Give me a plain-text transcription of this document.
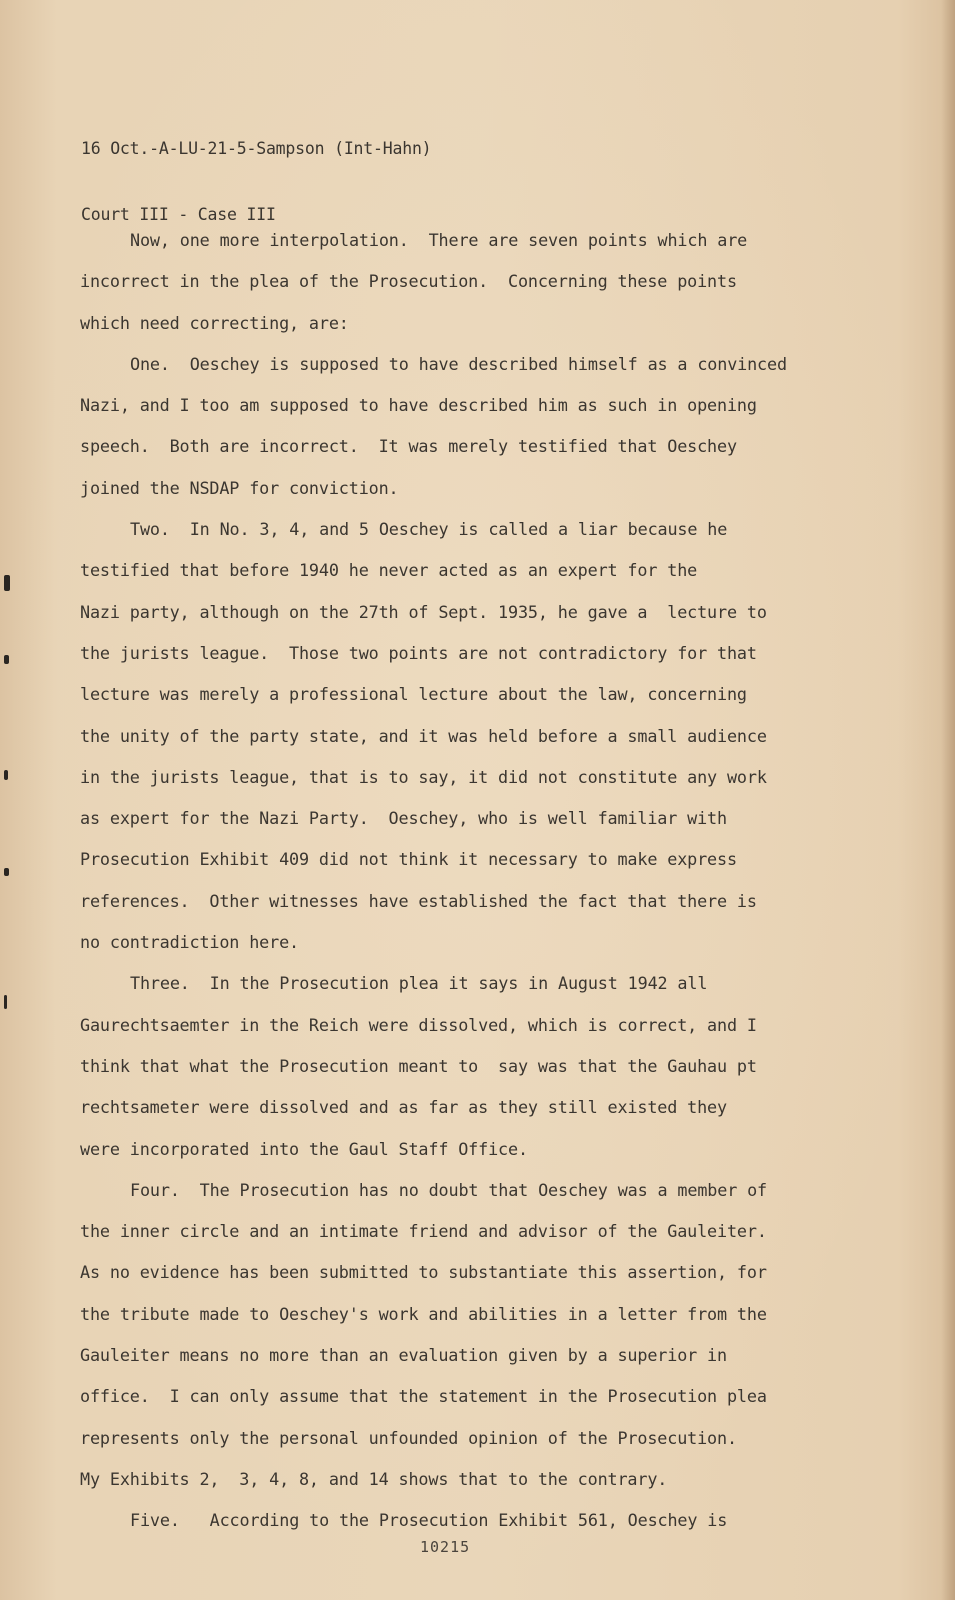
16 Oct.-A-LU-21-5-Sampson (Int-Hahn)

Court III - Case III

Now, one more interpolation.  There are seven points which are
incorrect in the plea of the Prosecution.  Concerning these points
which need correcting, are:
One.  Oeschey is supposed to have described himself as a convinced
Nazi, and I too am supposed to have described him as such in opening
speech.  Both are incorrect.  It was merely testified that Oeschey
joined the NSDAP for conviction.
Two.  In No. 3, 4, and 5 Oeschey is called a liar because he
testified that before 1940 he never acted as an expert for the
Nazi party, although on the 27th of Sept. 1935, he gave a  lecture to
the jurists league.  Those two points are not contradictory for that
lecture was merely a professional lecture about the law, concerning
the unity of the party state, and it was held before a small audience
in the jurists league, that is to say, it did not constitute any work
as expert for the Nazi Party.  Oeschey, who is well familiar with
Prosecution Exhibit 409 did not think it necessary to make express
references.  Other witnesses have established the fact that there is
no contradiction here.
Three.  In the Prosecution plea it says in August 1942 all
Gaurechtsaemter in the Reich were dissolved, which is correct, and I
think that what the Prosecution meant to  say was that the Gauhau pt
rechtsameter were dissolved and as far as they still existed they
were incorporated into the Gaul Staff Office.
Four.  The Prosecution has no doubt that Oeschey was a member of
the inner circle and an intimate friend and advisor of the Gauleiter.
As no evidence has been submitted to substantiate this assertion, for
the tribute made to Oeschey's work and abilities in a letter from the
Gauleiter means no more than an evaluation given by a superior in
office.  I can only assume that the statement in the Prosecution plea
represents only the personal unfounded opinion of the Prosecution.
My Exhibits 2,  3, 4, 8, and 14 shows that to the contrary.
Five.   According to the Prosecution Exhibit 561, Oeschey is
10215
